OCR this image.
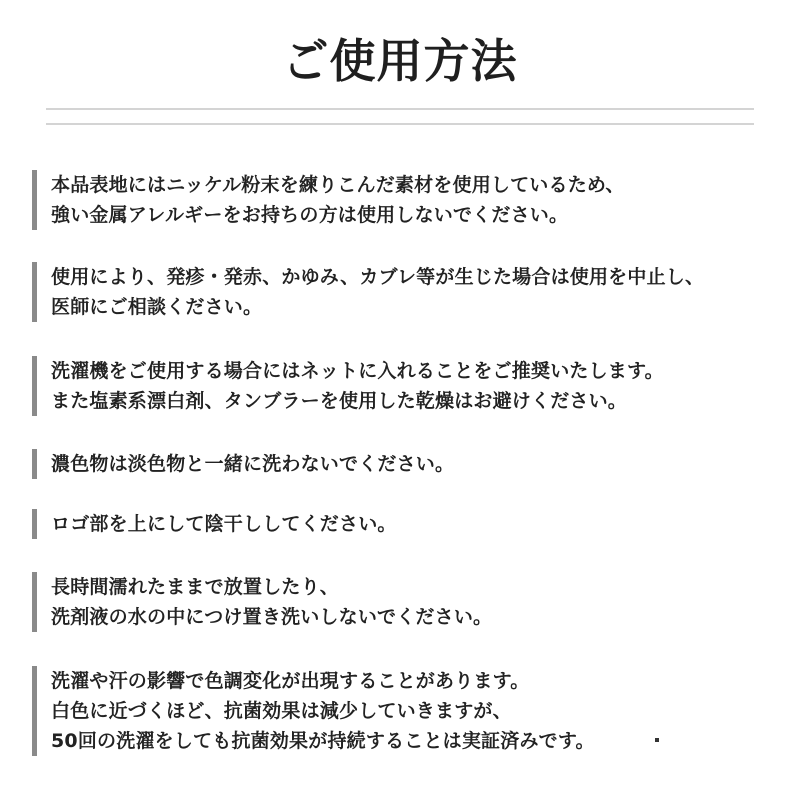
ご使用方法
本品表地にはニッケル粉末を練りこんだ素材を使用しているため、
強い金属アレルギーをお持ちの方は使用しないでください。
使用により、発疹・発赤、かゆみ、カブレ等が生じた場合は使用を中止し、
医師にご相談ください。
洗濯機をご使用する場合にはネットに入れることをご推奨いたします。
また塩素系漂白剤、タンブラーを使用した乾燥はお避けください。
濃色物は淡色物と一緒に洗わないでください。
ロゴ部を上にして陰干ししてください。
長時間濡れたままで放置したり、
洗剤液の水の中につけ置き洗いしないでください。
洗濯や汗の影響で色調変化が出現することがあります。
白色に近づくほど、抗菌効果は減少していきますが、
50回の洗濯をしても抗菌効果が持続することは実証済みです。
